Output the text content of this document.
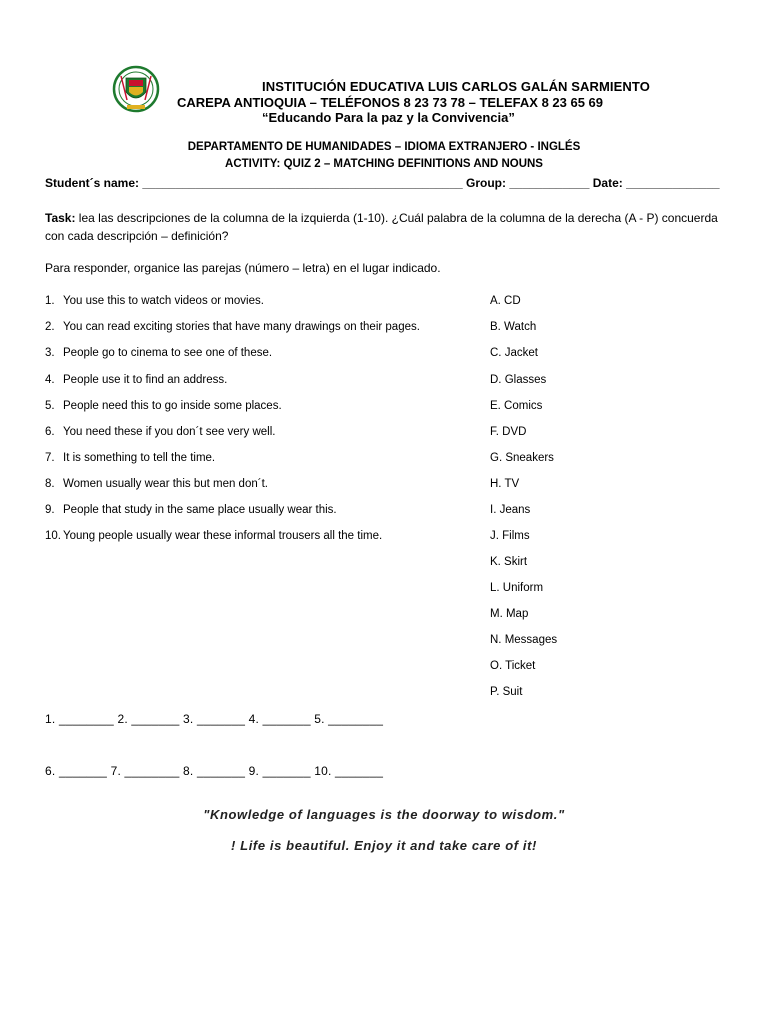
INSTITUCIÓN EDUCATIVA LUIS CARLOS GALÁN SARMIENTO
CAREPA ANTIOQUIA – TELÉFONOS 8 23 73 78 – TELEFAX 8 23 65 69
“Educando Para la paz y la Convivencia”
DEPARTAMENTO DE HUMANIDADES – IDIOMA EXTRANJERO - INGLÉS
ACTIVITY: QUIZ 2 – MATCHING DEFINITIONS AND NOUNS
Student´s name: ________________________________________________ Group: ____________ Date: ______________
Task: lea las descripciones de la columna de la izquierda (1-10). ¿Cuál palabra de la columna de la derecha (A - P) concuerda con cada descripción – definición?
Para responder, organice las parejas (número – letra) en el lugar indicado.
1. You use this to watch videos or movies.
2. You can read exciting stories that have many drawings on their pages.
3. People go to cinema to see one of these.
4. People use it to find an address.
5. People need this to go inside some places.
6. You need these if you don´t see very well.
7. It is something to tell the time.
8. Women usually wear this but men don´t.
9. People that study in the same place usually wear this.
10. Young people usually wear these informal trousers all the time.
A. CD
B. Watch
C. Jacket
D. Glasses
E. Comics
F. DVD
G. Sneakers
H. TV
I. Jeans
J. Films
K. Skirt
L. Uniform
M. Map
N. Messages
O. Ticket
P. Suit
1. ________ 2. _______ 3. _______ 4. _______ 5. ________
6. _______ 7. ________ 8. _______ 9. _______ 10. _______
"Knowledge of languages is the doorway to wisdom."
! Life is beautiful. Enjoy it and take care of it!
